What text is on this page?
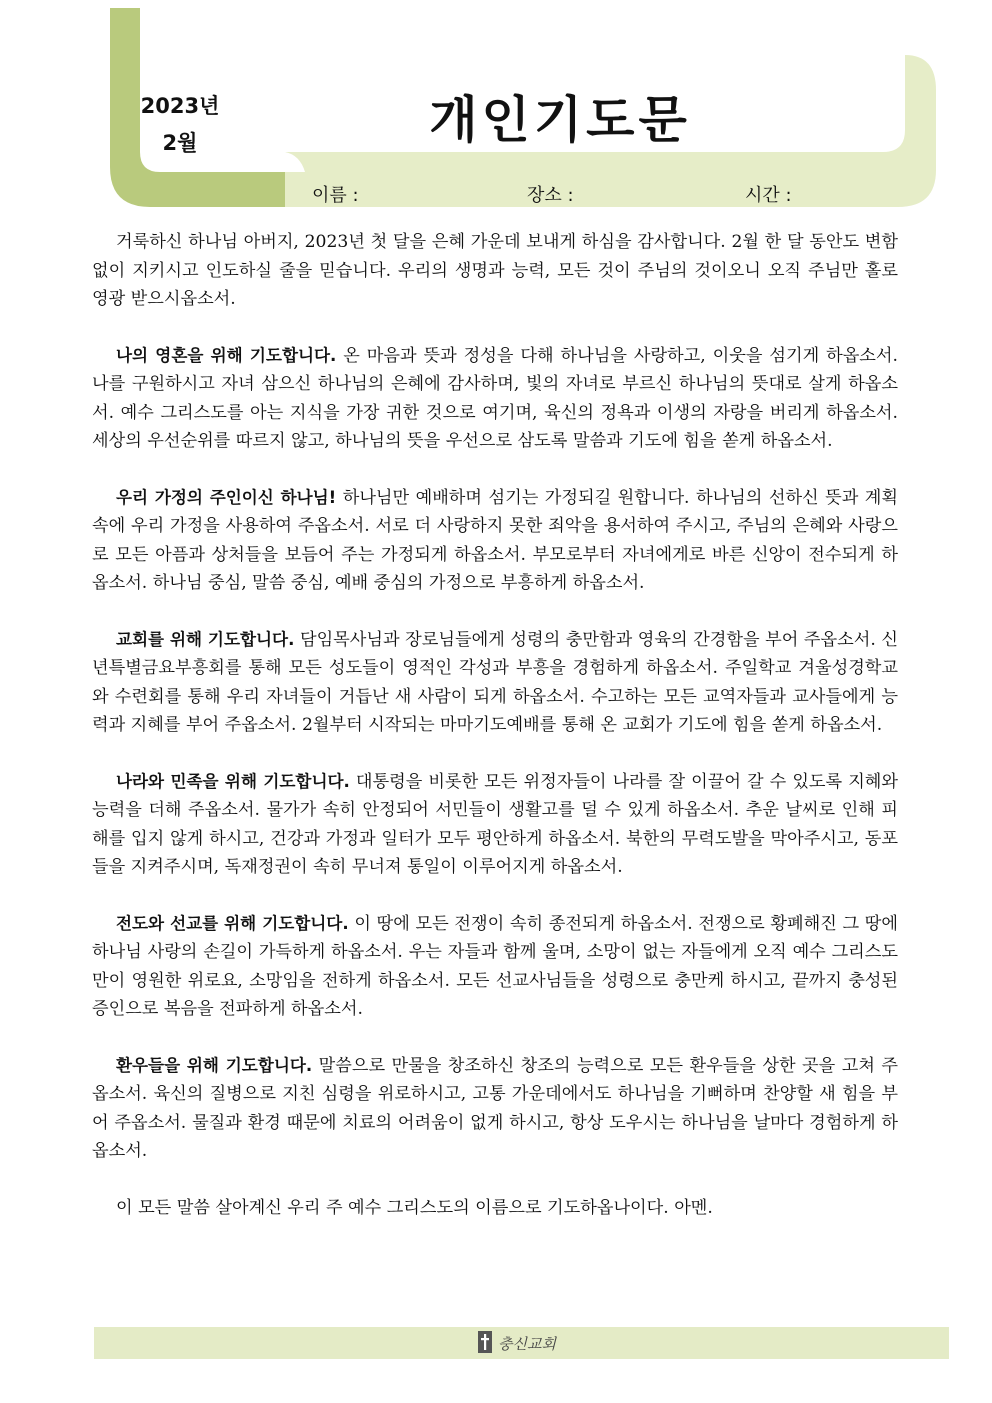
2023년
2월	개인기도문
이름 :	장소 :	시간 :

거룩하신 하나님 아버지, 2023년 첫 달을 은혜 가운데 보내게 하심을 감사합니다. 2월 한 달 동안도 변함없이 지키시고 인도하실 줄을 믿습니다. 우리의 생명과 능력, 모든 것이 주님의 것이오니 오직 주님만 홀로 영광 받으시옵소서.

나의 영혼을 위해 기도합니다. 온 마음과 뜻과 정성을 다해 하나님을 사랑하고, 이웃을 섬기게 하옵소서. 나를 구원하시고 자녀 삼으신 하나님의 은혜에 감사하며, 빛의 자녀로 부르신 하나님의 뜻대로 살게 하옵소서. 예수 그리스도를 아는 지식을 가장 귀한 것으로 여기며, 육신의 정욕과 이생의 자랑을 버리게 하옵소서. 세상의 우선순위를 따르지 않고, 하나님의 뜻을 우선으로 삼도록 말씀과 기도에 힘을 쏟게 하옵소서.

우리 가정의 주인이신 하나님! 하나님만 예배하며 섬기는 가정되길 원합니다. 하나님의 선하신 뜻과 계획 속에 우리 가정을 사용하여 주옵소서. 서로 더 사랑하지 못한 죄악을 용서하여 주시고, 주님의 은혜와 사랑으로 모든 아픔과 상처들을 보듬어 주는 가정되게 하옵소서. 부모로부터 자녀에게로 바른 신앙이 전수되게 하옵소서. 하나님 중심, 말씀 중심, 예배 중심의 가정으로 부흥하게 하옵소서.

교회를 위해 기도합니다. 담임목사님과 장로님들에게 성령의 충만함과 영육의 간경함을 부어 주옵소서. 신년특별금요부흥회를 통해 모든 성도들이 영적인 각성과 부흥을 경험하게 하옵소서. 주일학교 겨울성경학교와 수련회를 통해 우리 자녀들이 거듭난 새 사람이 되게 하옵소서. 수고하는 모든 교역자들과 교사들에게 능력과 지혜를 부어 주옵소서. 2월부터 시작되는 마마기도예배를 통해 온 교회가 기도에 힘을 쏟게 하옵소서.

나라와 민족을 위해 기도합니다. 대통령을 비롯한 모든 위정자들이 나라를 잘 이끌어 갈 수 있도록 지혜와 능력을 더해 주옵소서. 물가가 속히 안정되어 서민들이 생활고를 덜 수 있게 하옵소서. 추운 날씨로 인해 피해를 입지 않게 하시고, 건강과 가정과 일터가 모두 평안하게 하옵소서. 북한의 무력도발을 막아주시고, 동포들을 지켜주시며, 독재정권이 속히 무너져 통일이 이루어지게 하옵소서.

전도와 선교를 위해 기도합니다. 이 땅에 모든 전쟁이 속히 종전되게 하옵소서. 전쟁으로 황폐해진 그 땅에 하나님 사랑의 손길이 가득하게 하옵소서. 우는 자들과 함께 울며, 소망이 없는 자들에게 오직 예수 그리스도만이 영원한 위로요, 소망임을 전하게 하옵소서. 모든 선교사님들을 성령으로 충만케 하시고, 끝까지 충성된 증인으로 복음을 전파하게 하옵소서.

환우들을 위해 기도합니다. 말씀으로 만물을 창조하신 창조의 능력으로 모든 환우들을 상한 곳을 고쳐 주옵소서. 육신의 질병으로 지친 심령을 위로하시고, 고통 가운데에서도 하나님을 기뻐하며 찬양할 새 힘을 부어 주옵소서. 물질과 환경 때문에 치료의 어려움이 없게 하시고, 항상 도우시는 하나님을 날마다 경험하게 하옵소서.

이 모든 말씀 살아계신 우리 주 예수 그리스도의 이름으로 기도하옵나이다. 아멘.

충신교회
